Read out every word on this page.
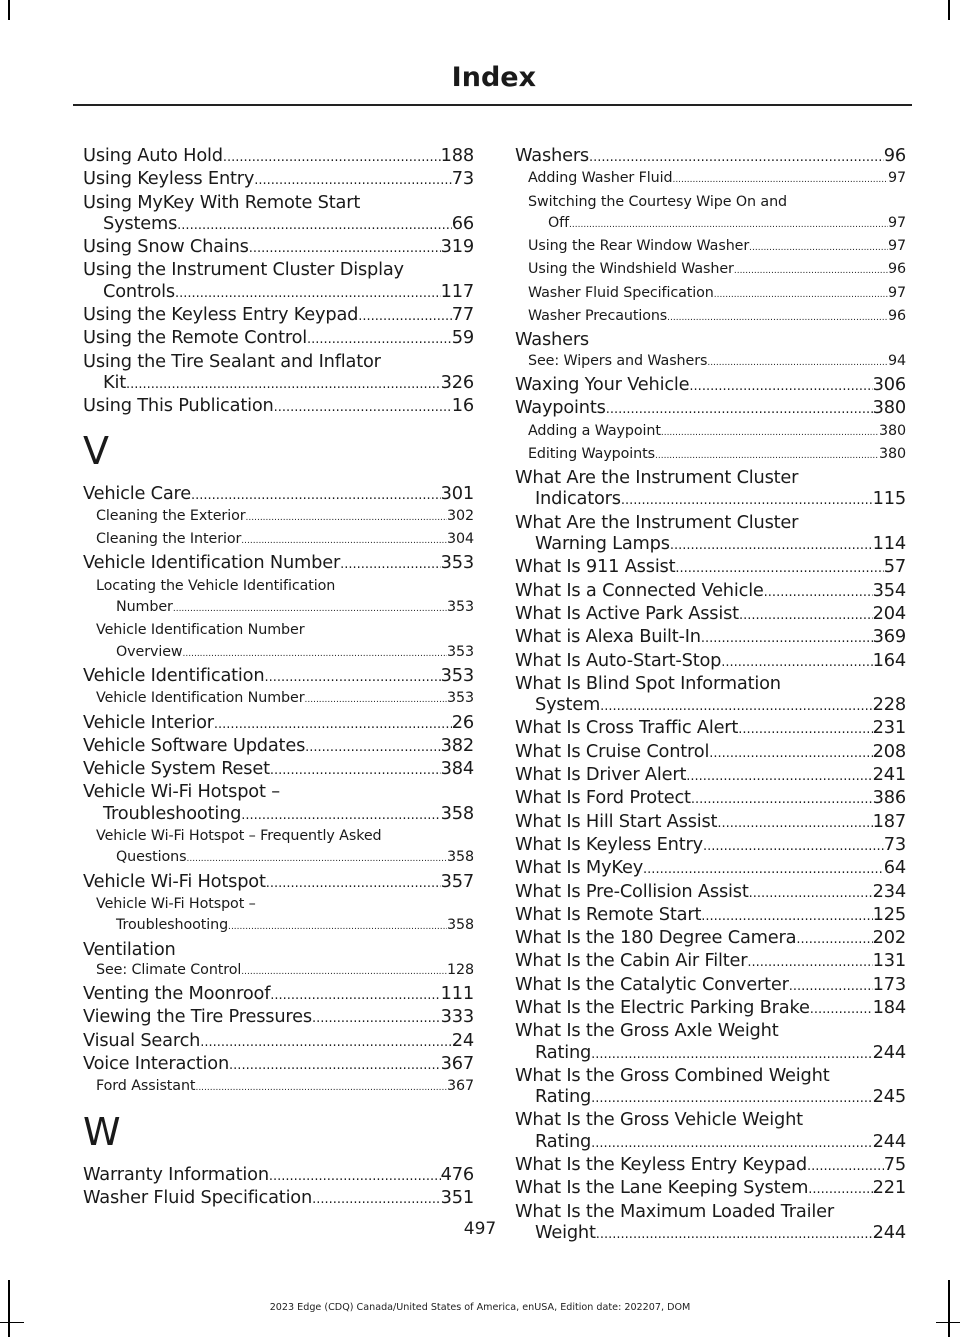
Index
Using Auto Hold .....	188
Using Keyless Entry .....	73
Using MyKey With Remote Start
Systems .....	66
Using Snow Chains .....	319
Using the Instrument Cluster Display
Controls .....	117
Using the Keyless Entry Keypad .....	77
Using the Remote Control .....	59
Using the Tire Sealant and Inflator
Kit .....	326
Using This Publication .....	16
V
Vehicle Care .....	301
Cleaning the Exterior .....	302
Cleaning the Interior .....	304
Vehicle Identification Number .....	353
Locating the Vehicle Identification
Number .....	353
Vehicle Identification Number
Overview .....	353
Vehicle Identification .....	353
Vehicle Identification Number .....	353
Vehicle Interior .....	26
Vehicle Software Updates .....	382
Vehicle System Reset .....	384
Vehicle Wi-Fi Hotspot –
Troubleshooting .....	358
Vehicle Wi-Fi Hotspot – Frequently Asked
Questions .....	358
Vehicle Wi-Fi Hotspot .....	357
Vehicle Wi-Fi Hotspot –
Troubleshooting .....	358
Ventilation
See: Climate Control .....	128
Venting the Moonroof .....	111
Viewing the Tire Pressures .....	333
Visual Search .....	24
Voice Interaction .....	367
Ford Assistant .....	367
W
Warranty Information .....	476
Washer Fluid Specification .....	351
Washers .....	96
Adding Washer Fluid .....	97
Switching the Courtesy Wipe On and
Off .....	97
Using the Rear Window Washer .....	97
Using the Windshield Washer .....	96
Washer Fluid Specification .....	97
Washer Precautions .....	96
Washers
See: Wipers and Washers .....	94
Waxing Your Vehicle .....	306
Waypoints .....	380
Adding a Waypoint .....	380
Editing Waypoints .....	380
What Are the Instrument Cluster
Indicators .....	115
What Are the Instrument Cluster
Warning Lamps .....	114
What Is 911 Assist .....	57
What Is a Connected Vehicle .....	354
What Is Active Park Assist .....	204
What is Alexa Built-In .....	369
What Is Auto-Start-Stop .....	164
What Is Blind Spot Information
System .....	228
What Is Cross Traffic Alert .....	231
What Is Cruise Control .....	208
What Is Driver Alert .....	241
What Is Ford Protect .....	386
What Is Hill Start Assist .....	187
What Is Keyless Entry .....	73
What Is MyKey .....	64
What Is Pre-Collision Assist .....	234
What Is Remote Start .....	125
What Is the 180 Degree Camera .....	202
What Is the Cabin Air Filter .....	131
What Is the Catalytic Converter .....	173
What Is the Electric Parking Brake .....	184
What Is the Gross Axle Weight
Rating .....	244
What Is the Gross Combined Weight
Rating .....	245
What Is the Gross Vehicle Weight
Rating .....	244
What Is the Keyless Entry Keypad .....	75
What Is the Lane Keeping System .....	221
What Is the Maximum Loaded Trailer
Weight .....	244
497
2023 Edge (CDQ) Canada/United States of America, enUSA, Edition date: 202207, DOM
